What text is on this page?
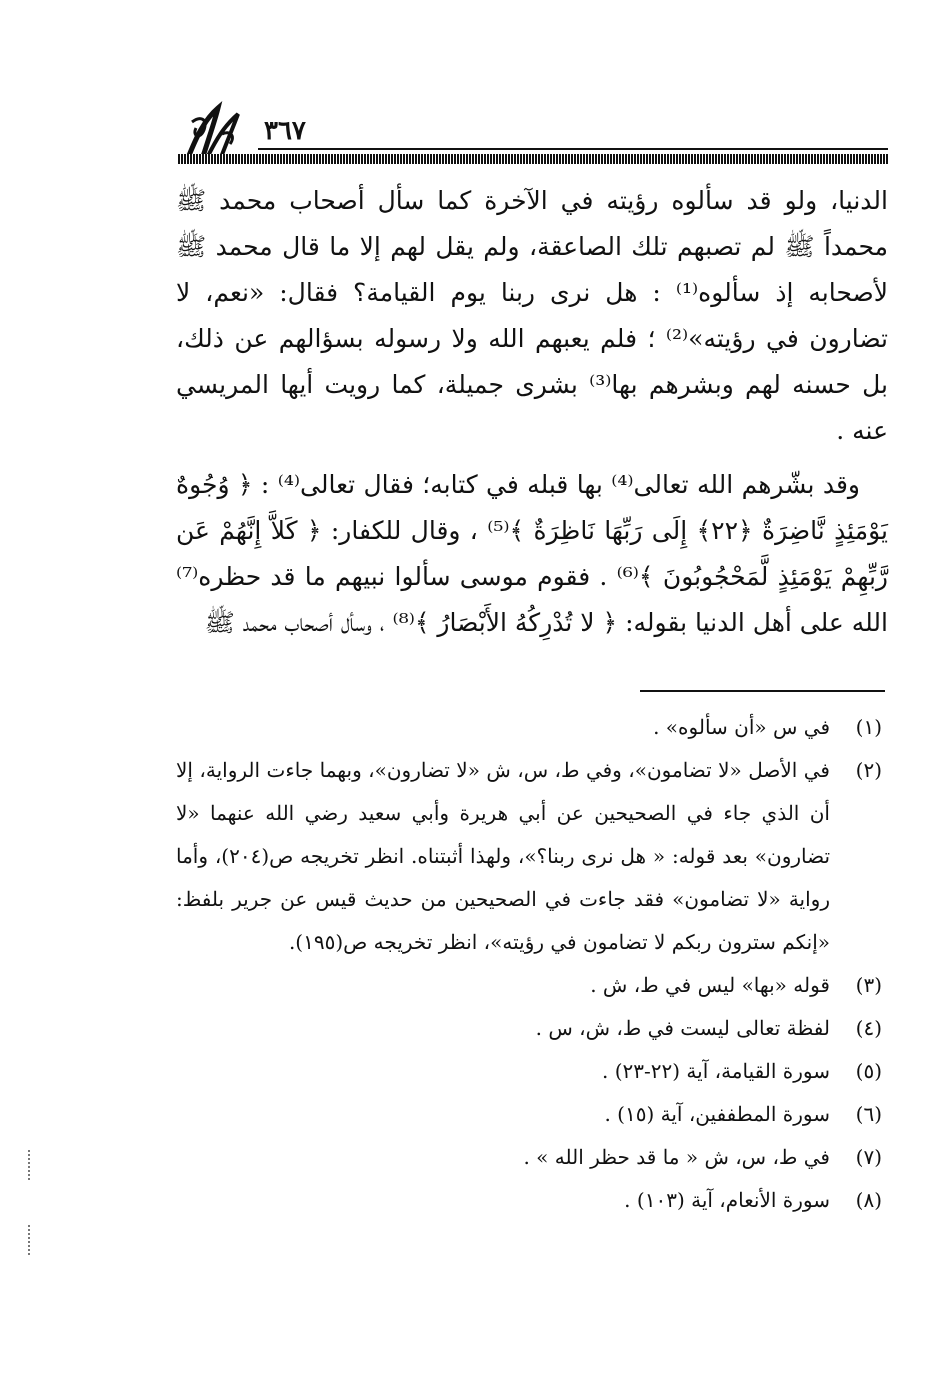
٣٦٧

الدنيا، ولو قد سألوه رؤيته في الآخرة كما سأل أصحاب محمد ﷺ محمداً ﷺ لم تصبهم تلك الصاعقة، ولم يقل لهم إلا ما قال محمد ﷺ لأصحابه إذ سألوه⁽¹⁾ : هل نرى ربنا يوم القيامة؟ فقال: «نعم، لا تضارون في رؤيته»⁽²⁾ ؛ فلم يعبهم الله ولا رسوله بسؤالهم عن ذلك، بل حسنه لهم وبشرهم بها⁽³⁾ بشرى جميلة، كما رويت أيها المريسي عنه .

وقد بشّرهم الله تعالى⁽⁴⁾ بها قبله في كتابه؛ فقال تعالى⁽⁴⁾ : ﴿ وُجُوهٌ يَوْمَئِذٍ نَّاضِرَةٌ ﴿٢٢﴾ إِلَى رَبِّهَا نَاظِرَةٌ ﴾⁽⁵⁾ ، وقال للكفار: ﴿ كَلاَّ إِنَّهُمْ عَن رَّبِّهِمْ يَوْمَئِذٍ لَّمَحْجُوبُونَ ﴾⁽⁶⁾ . فقوم موسى سألوا نبيهم ما قد حظره⁽⁷⁾ الله على أهل الدنيا بقوله: ﴿ لا تُدْرِكُهُ الأَبْصَارُ ﴾⁽⁸⁾ ، وسأل أصحاب محمد ﷺ

(١)
في س «أن سألوه» .
(٢)
في الأصل «لا تضامون»، وفي ط، س، ش «لا تضارون»، وبهما جاءت الرواية، إلا أن الذي جاء في الصحيحين عن أبي هريرة وأبي سعيد رضي الله عنهما «لا تضارون» بعد قوله: « هل نرى ربنا؟»، ولهذا أثبتناه. انظر تخريجه ص(٢٠٤)، وأما رواية «لا تضامون» فقد جاءت في الصحيحين من حديث قيس عن جرير بلفظ: «إنكم سترون ربكم لا تضامون في رؤيته»، انظر تخريجه ص(١٩٥).
(٣)
قوله «بها» ليس في ط، ش .
(٤)
لفظة تعالى ليست في ط، ش، س .
(٥)
سورة القيامة، آية (٢٢-٢٣) .
(٦)
سورة المطففين، آية (١٥) .
(٧)
في ط، س، ش « ما قد حظر الله » .
(٨)
سورة الأنعام، آية (١٠٣) .
